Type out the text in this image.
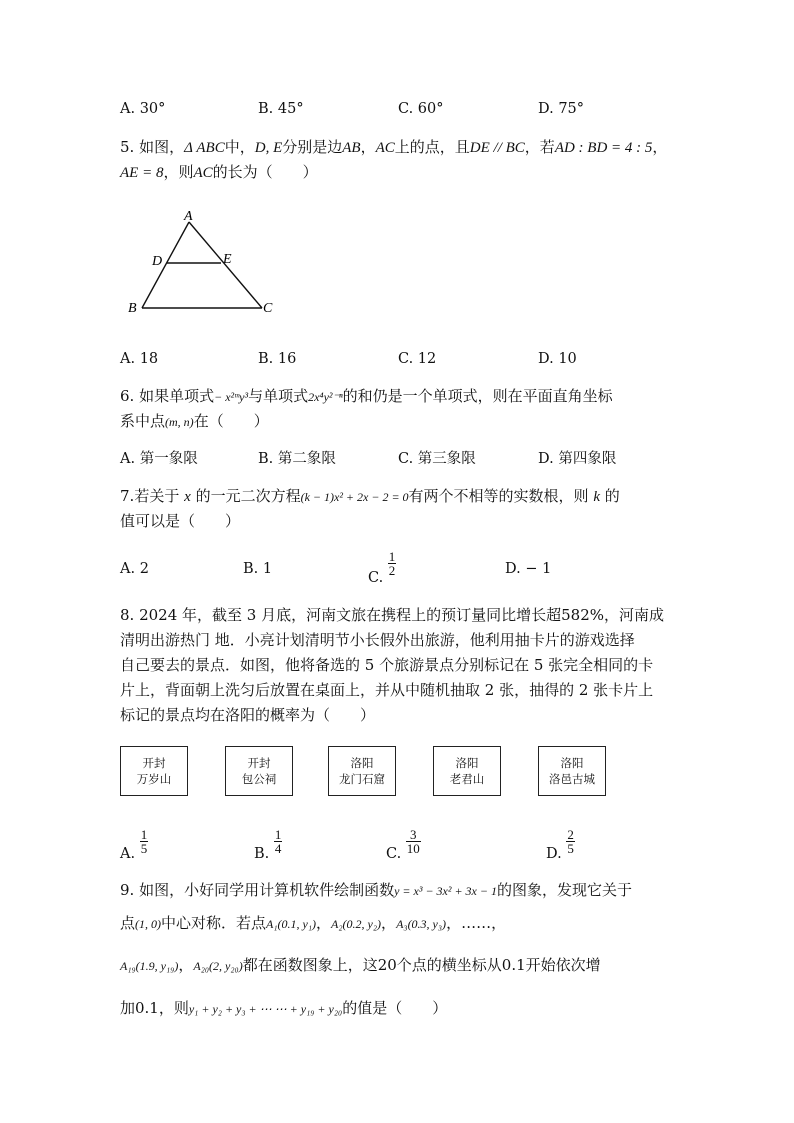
A. 30°	B. 45°	C. 60°	D. 75°
5. 如图，Δ ABC中，D, E分别是边AB，AC上的点，且DE // BC，若AD : BD = 4 : 5，
AE = 8，则AC的长为（　　）
A
D	E
B	C
A. 18	B. 16	C. 12	D. 10
6. 如果单项式− x²ᵐy³与单项式2x⁴y²⁻ⁿ的和仍是一个单项式，则在平面直角坐标
系中点(m, n)在（　　）
A. 第一象限	B. 第二象限	C. 第三象限	D. 第四象限
7.若关于 x 的一元二次方程(k − 1)x² + 2x − 2 = 0有两个不相等的实数根，则 k 的
值可以是（　　）
A. 2	B. 1
C.
$\frac{1}{2}$	D. − 1
8. 2024 年，截至 3 月底，河南文旅在携程上的预订量同比增长超582%，河南成
清明出游热门 地．小亮计划清明节小长假外出旅游，他利用抽卡片的游戏选择
自己要去的景点．如图，他将备选的 5 个旅游景点分别标记在 5 张完全相同的卡
片上，背面朝上洗匀后放置在桌面上，并从中随机抽取 2 张，抽得的 2 张卡片上
标记的景点均在洛阳的概率为（　　）
开封
万岁山
开封
包公祠
洛阳
龙门石窟
洛阳
老君山
洛阳
洛邑古城
A. $\frac{1}{5}$	B. $\frac{1}{4}$	C. $\frac{3}{10}$	D. $\frac{2}{5}$
9. 如图，小好同学用计算机软件绘制函数y = x³ − 3x² + 3x − 1的图象，发现它关于
点(1, 0)中心对称．若点A₁(0.1, y₁)，A₂(0.2, y₂)，A₃(0.3, y₃)，……，
A₁₉(1.9, y₁₉)，A₂₀(2, y₂₀)都在函数图象上，这20个点的横坐标从0.1开始依次增
加0.1，则y₁ + y₂ + y₃ + ⋯ ⋯ + y₁₉ + y₂₀的值是（　　）
